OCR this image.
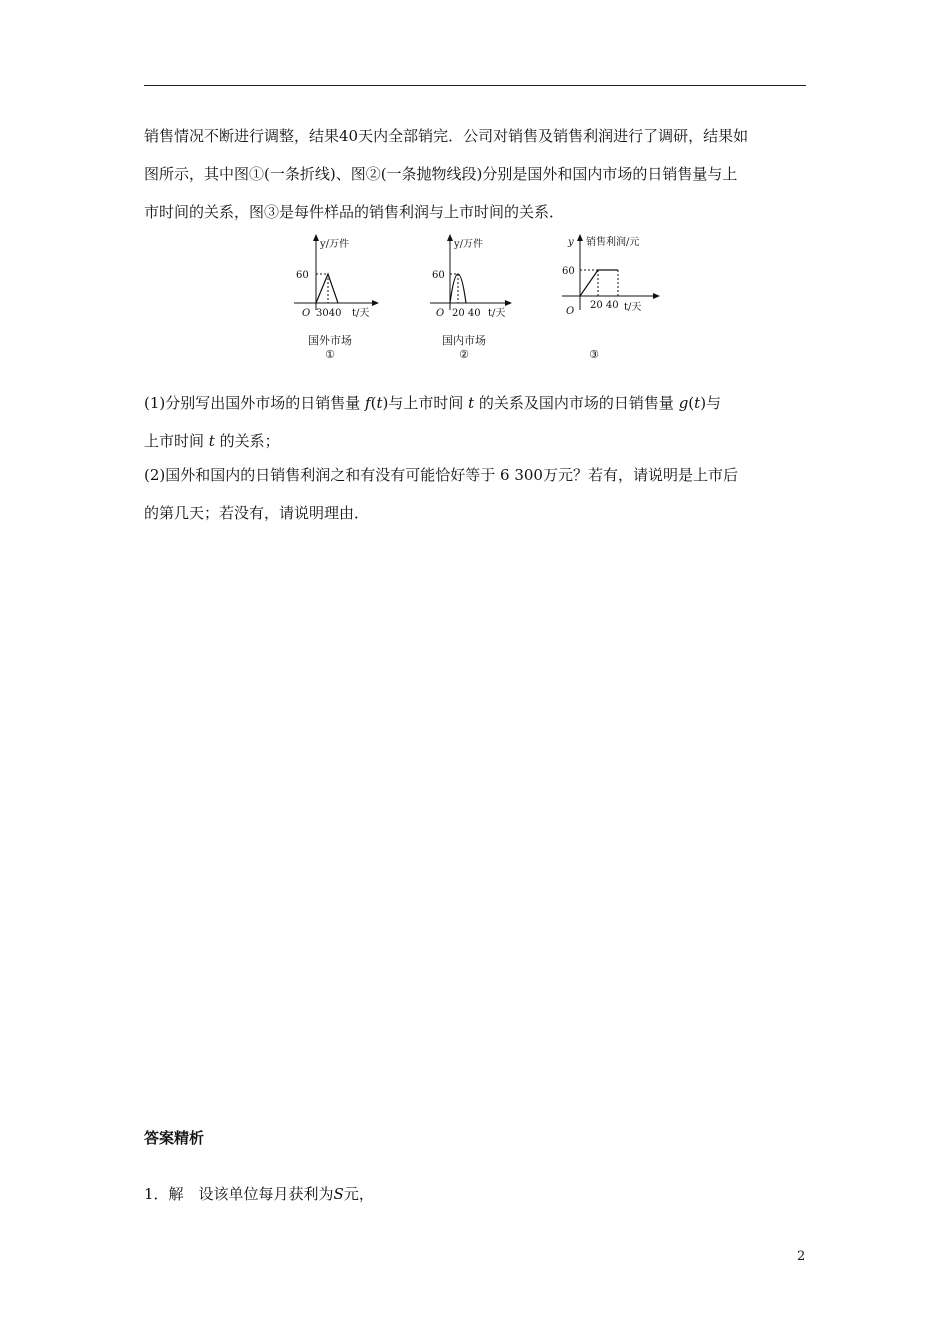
销售情况不断进行调整，结果40天内全部销完．公司对销售及销售利润进行了调研，结果如
图所示，其中图①(一条折线)、图②(一条抛物线段)分别是国外和国内市场的日销售量与上
市时间的关系，图③是每件样品的销售利润与上市时间的关系．
y/万件
60
O 3040 t/天
国外市场
①
y/万件
60
O 20 40 t/天
国内市场
②
y 销售利润/元
60
O
20 40 t/天
③
(1)分别写出国外市场的日销售量 f(t)与上市时间 t 的关系及国内市场的日销售量 g(t)与
上市时间 t 的关系；
(2)国外和国内的日销售利润之和有没有可能恰好等于 6 300万元？若有，请说明是上市后
的第几天；若没有，请说明理由．
答案精析
1．解　设该单位每月获利为S元，
2
